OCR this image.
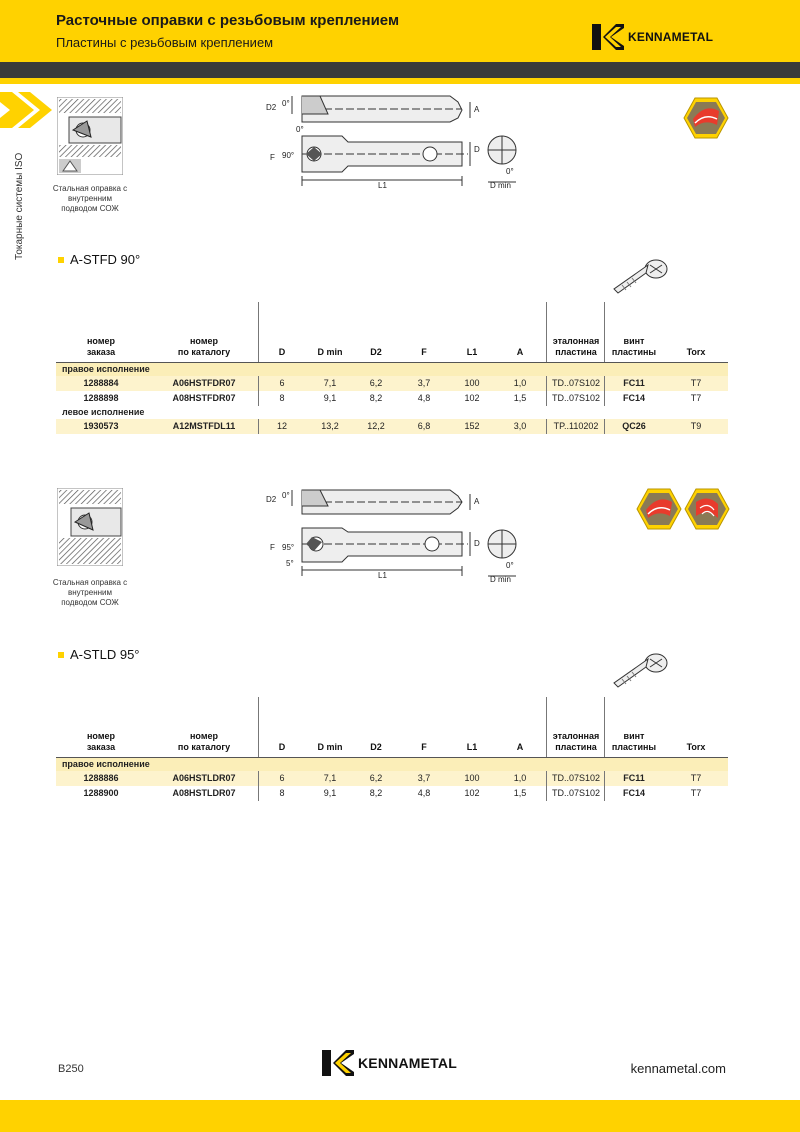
Расточные оправки с резьбовым креплением
Пластины с резьбовым креплением	KENNAMETAL
Токарные системы ISO	Стальная оправка с внутренним подводом СОЖ
D2 0°
A
0°
F 90°
L1
D
0°
D min
A-STFD 90°
номер
заказа
номер
по каталогу	D	D min	D2	F	L1	A
эталонная
пластина
винт
пластины	Torx
правое исполнение
1288884	A06HSTFDR07	6	7,1	6,2	3,7	100	1,0	TD..07S102	FC11	T7
1288898	A08HSTFDR07	8	9,1	8,2	4,8	102	1,5	TD..07S102	FC14	T7
левое исполнение
1930573	A12MSTFDL11	12	13,2	12,2	6,8	152	3,0	TP..110202	QC26	T9
Стальная оправка с внутренним подводом СОЖ
D2 0°
A
F 95°
5°
L1
D
0°
D min
A-STLD 95°
номер
заказа
номер
по каталогу	D	D min	D2	F	L1	A
эталонная
пластина
винт
пластины	Torx
правое исполнение
1288886	A06HSTLDR07	6	7,1	6,2	3,7	100	1,0	TD..07S102	FC11	T7
1288900	A08HSTLDR07	8	9,1	8,2	4,8	102	1,5	TD..07S102	FC14	T7
B250	KENNAMETAL	kennametal.com
